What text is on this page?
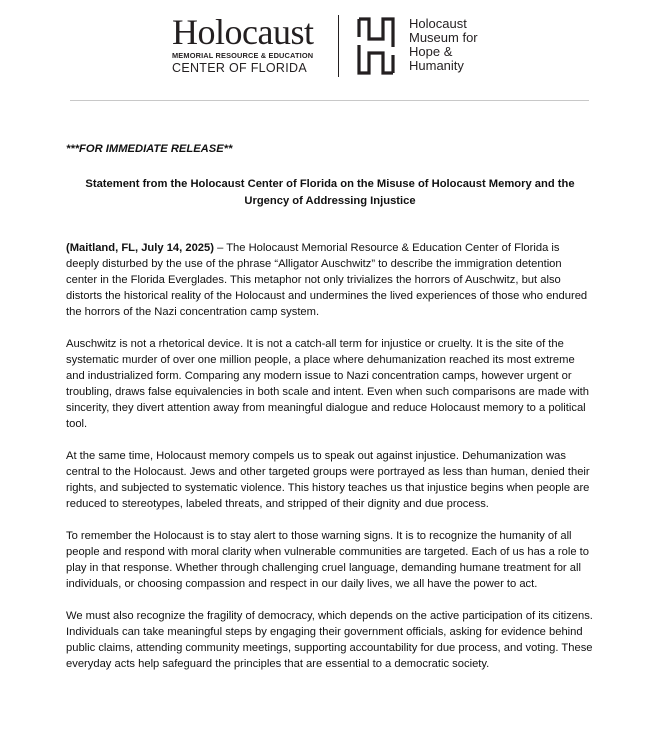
Holocaust
MEMORIAL RESOURCE & EDUCATION
CENTER OF FLORIDA
Holocaust
Museum for
Hope &
Humanity

***FOR IMMEDIATE RELEASE**

Statement from the Holocaust Center of Florida on the Misuse of Holocaust Memory and the Urgency of Addressing Injustice

(Maitland, FL, July 14, 2025) – The Holocaust Memorial Resource & Education Center of Florida is deeply disturbed by the use of the phrase “Alligator Auschwitz” to describe the immigration detention center in the Florida Everglades. This metaphor not only trivializes the horrors of Auschwitz, but also distorts the historical reality of the Holocaust and undermines the lived experiences of those who endured the horrors of the Nazi concentration camp system.

Auschwitz is not a rhetorical device. It is not a catch-all term for injustice or cruelty. It is the site of the systematic murder of over one million people, a place where dehumanization reached its most extreme and industrialized form. Comparing any modern issue to Nazi concentration camps, however urgent or troubling, draws false equivalencies in both scale and intent. Even when such comparisons are made with sincerity, they divert attention away from meaningful dialogue and reduce Holocaust memory to a political tool.

At the same time, Holocaust memory compels us to speak out against injustice. Dehumanization was central to the Holocaust. Jews and other targeted groups were portrayed as less than human, denied their rights, and subjected to systematic violence. This history teaches us that injustice begins when people are reduced to stereotypes, labeled threats, and stripped of their dignity and due process.

To remember the Holocaust is to stay alert to those warning signs. It is to recognize the humanity of all people and respond with moral clarity when vulnerable communities are targeted. Each of us has a role to play in that response. Whether through challenging cruel language, demanding humane treatment for all individuals, or choosing compassion and respect in our daily lives, we all have the power to act.

We must also recognize the fragility of democracy, which depends on the active participation of its citizens. Individuals can take meaningful steps by engaging their government officials, asking for evidence behind public claims, attending community meetings, supporting accountability for due process, and voting. These everyday acts help safeguard the principles that are essential to a democratic society.
